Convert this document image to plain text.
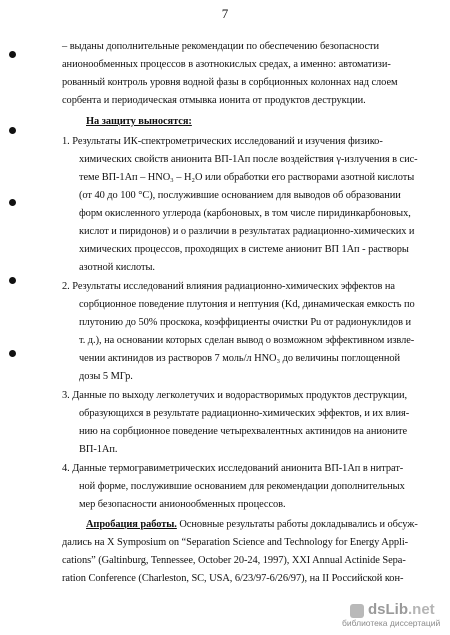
7
– выданы дополнительные рекомендации по обеспечению безопасности
анионообменных процессов в азотнокислых средах, а именно: автоматизи-
рованный контроль уровня водной фазы в сорбционных колоннах над слоем
сорбента и периодическая отмывка ионита от продуктов деструкции.
На защиту выносятся:
1. Результаты ИК-спектрометрических исследований и изучения физико-
химических свойств анионита ВП-1Ап после воздействия γ-излучения в сис-
теме ВП-1Ап – HNO₃ – H₂O или обработки его растворами азотной кислоты
(от 40 до 100 °С), послужившие основанием для выводов об образовании
форм окисленного углерода (карбоновых, в том числе пиридинкарбоновых,
кислот и пиридонов) и о различии в результатах радиационно-химических и
химических процессов, проходящих в системе анионит ВП 1Ап - растворы
азотной кислоты.
2. Результаты исследований влияния радиационно-химических эффектов на
сорбционное поведение плутония и нептуния (Kd, динамическая емкость по
плутонию до 50% проскока, коэффициенты очистки Pu от радионуклидов и
т. д.), на основании которых сделан вывод о возможном эффективном извле-
чении актинидов из растворов 7 моль/л HNO₃ до величины поглощенной
дозы 5 МГр.
3. Данные по выходу легколетучих и водорастворимых продуктов деструкции,
образующихся в результате радиационно-химических эффектов, и их влия-
нию на сорбционное поведение четырехвалентных актинидов на анионите
ВП-1Ап.
4. Данные термогравиметрических исследований анионита ВП-1Ап в нитрат-
ной форме, послужившие основанием для рекомендации дополнительных
мер безопасности анионообменных процессов.
Апробация работы. Основные результаты работы докладывались и обсуж-
дались на X Symposium on “Separation Science and Technology for Energy Appli-
cations” (Galtinburg, Tennessee, October 20-24, 1997), XXI Annual Actinide Sepa-
ration Conference (Charleston, SC, USA, 6/23/97-6/26/97), на II Российской кон-
dsLib.net
библиотека диссертаций
